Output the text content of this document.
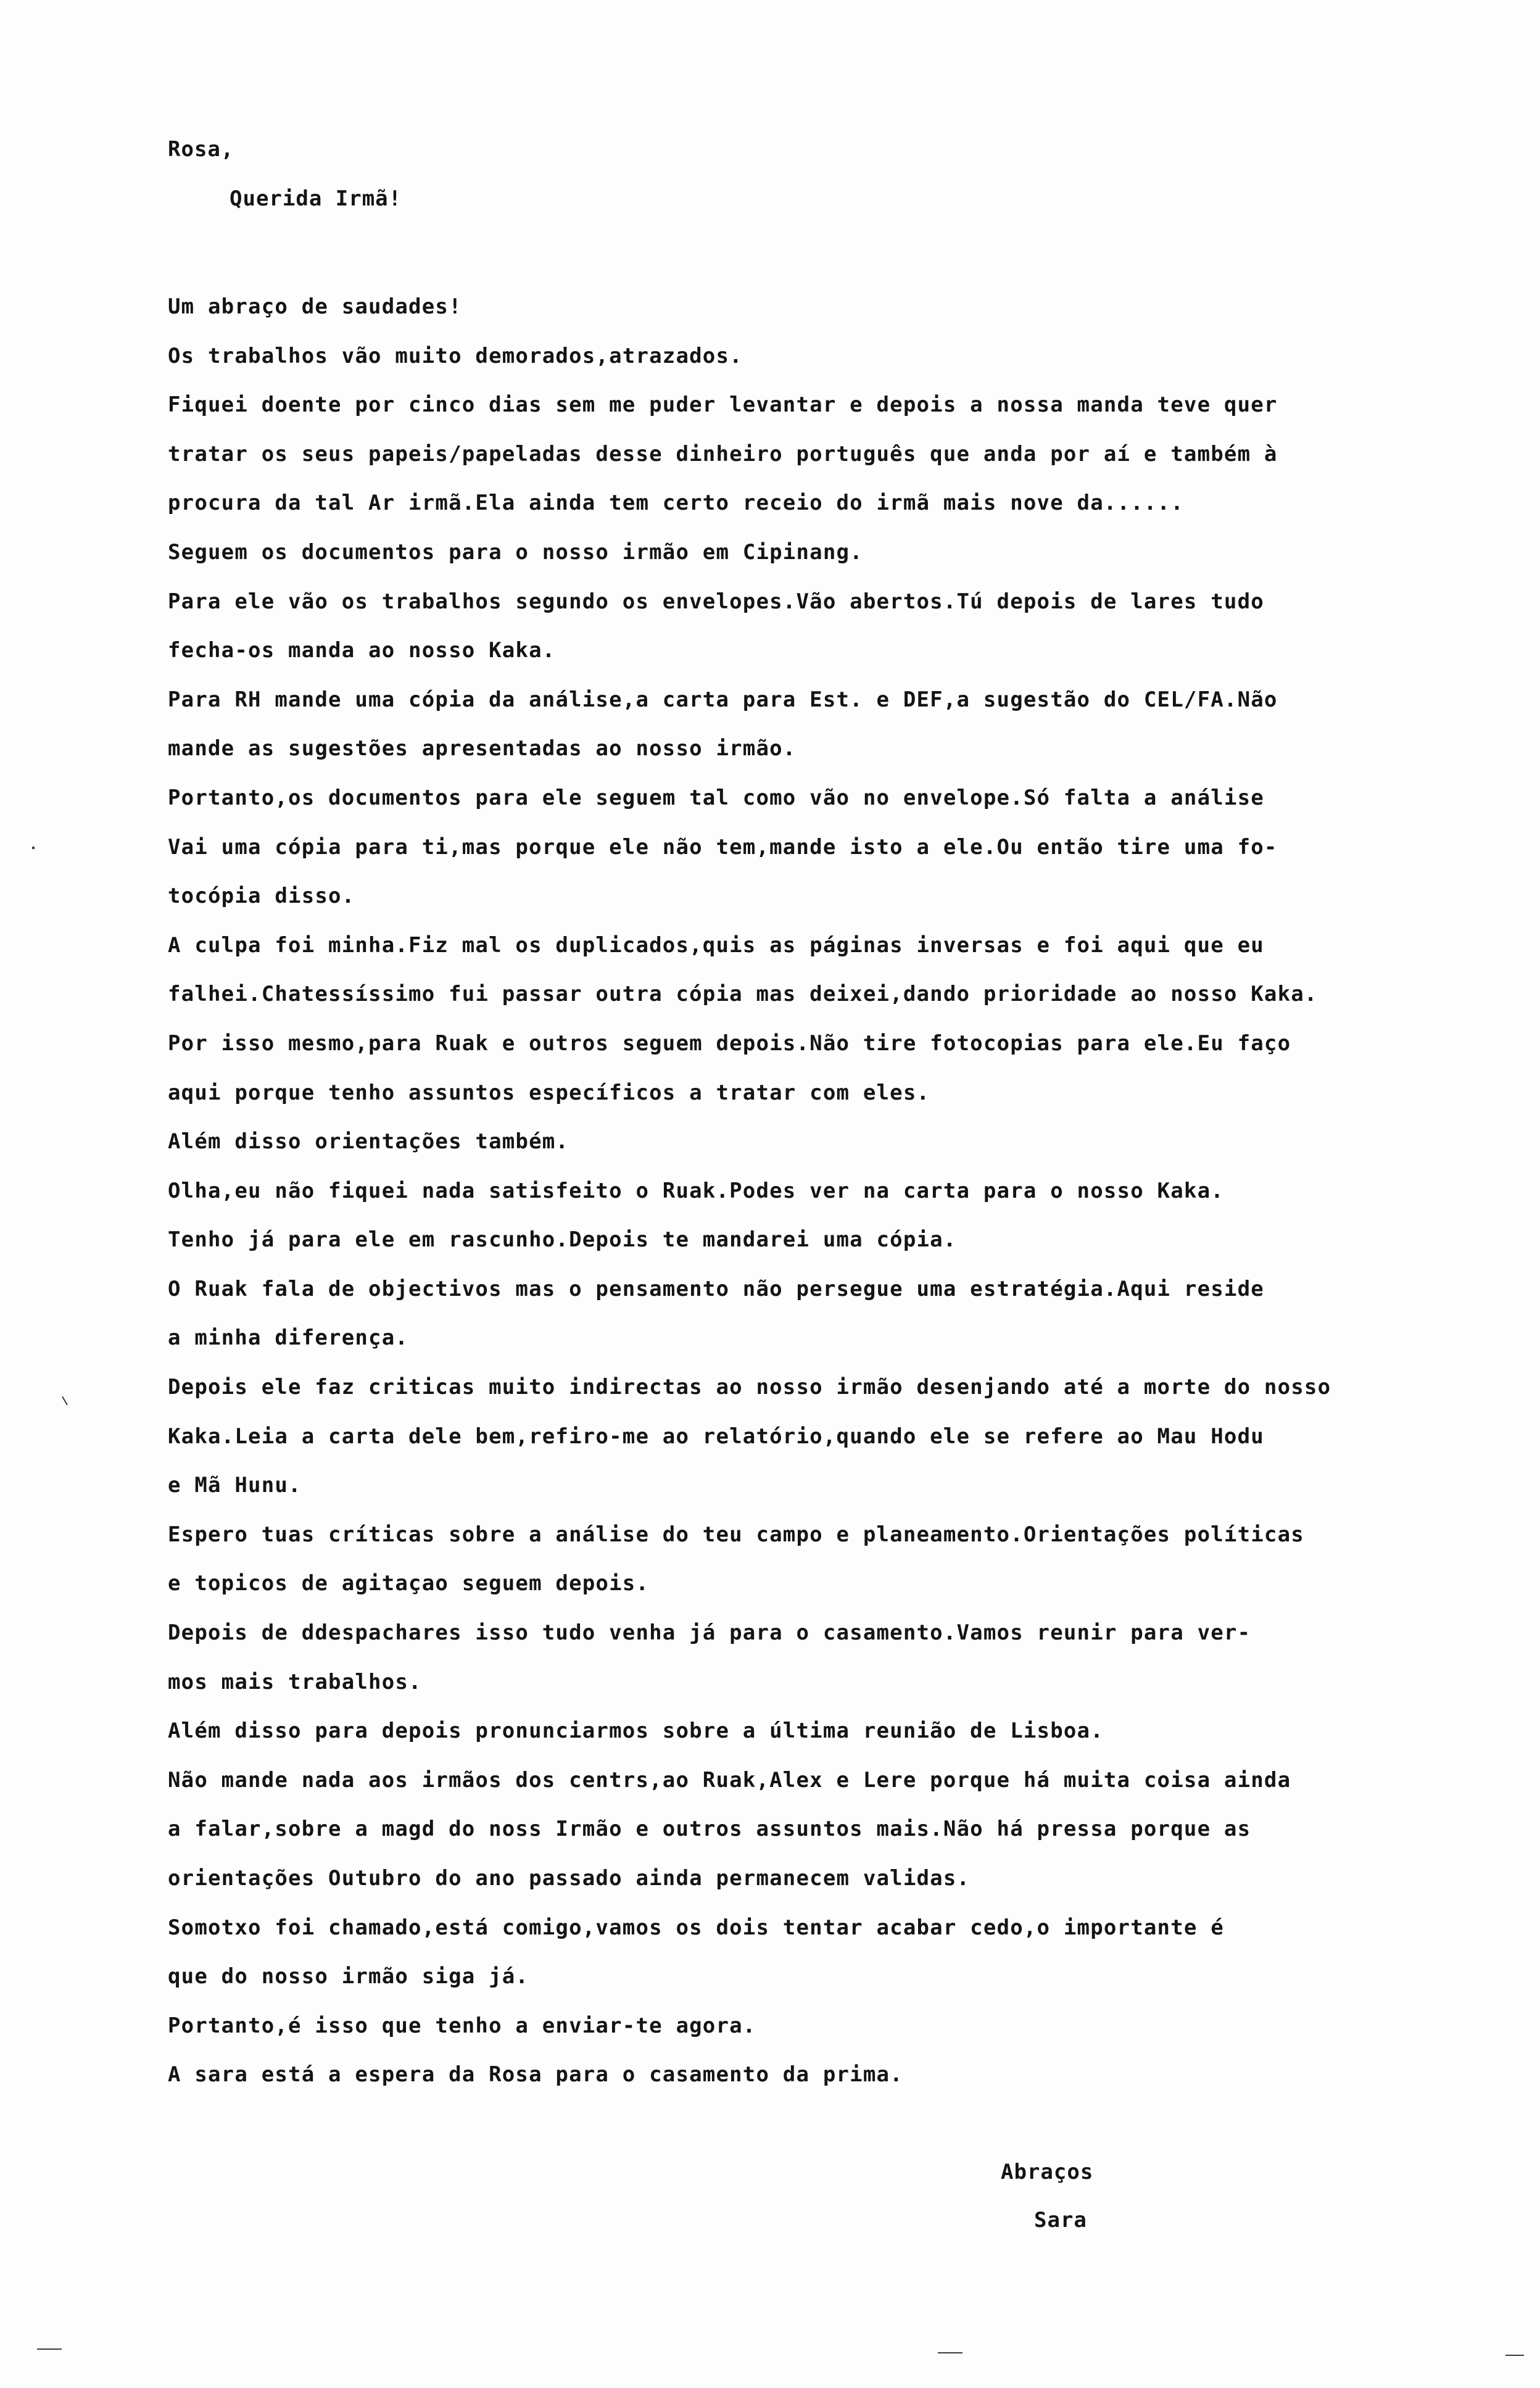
Rosa,
Querida Irmã!
Um abraço de saudades!
Os trabalhos vão muito demorados,atrazados.
Fiquei doente por cinco dias sem me puder levantar e depois a nossa manda teve quer
tratar os seus papeis/papeladas desse dinheiro português que anda por aí e também à
procura da tal Ar irmã.Ela ainda tem certo receio do irmã mais nove da......
Seguem os documentos para o nosso irmão em Cipinang.
Para ele vão os trabalhos segundo os envelopes.Vão abertos.Tú depois de lares tudo
fecha-os manda ao nosso Kaka.
Para RH mande uma cópia da análise,a carta para Est. e DEF,a sugestão do CEL/FA.Não
mande as sugestões apresentadas ao nosso irmão.
Portanto,os documentos para ele seguem tal como vão no envelope.Só falta a análise
Vai uma cópia para ti,mas porque ele não tem,mande isto a ele.Ou então tire uma fo-
tocópia disso.
A culpa foi minha.Fiz mal os duplicados,quis as páginas inversas e foi aqui que eu
falhei.Chatessíssimo fui passar outra cópia mas deixei,dando prioridade ao nosso Kaka.
Por isso mesmo,para Ruak e outros seguem depois.Não tire fotocopias para ele.Eu faço
aqui porque tenho assuntos específicos a tratar com eles.
Além disso orientações também.
Olha,eu não fiquei nada satisfeito o Ruak.Podes ver na carta para o nosso Kaka.
Tenho já para ele em rascunho.Depois te mandarei uma cópia.
O Ruak fala de objectivos mas o pensamento não persegue uma estratégia.Aqui reside
a minha diferença.
Depois ele faz criticas muito indirectas ao nosso irmão desenjando até a morte do nosso
Kaka.Leia a carta dele bem,refiro-me ao relatório,quando ele se refere ao Mau Hodu
e Mã Hunu.
Espero tuas críticas sobre a análise do teu campo e planeamento.Orientações políticas
e topicos de agitaçao seguem depois.
Depois de ddespachares isso tudo venha já para o casamento.Vamos reunir para ver-
mos mais trabalhos.
Além disso para depois pronunciarmos sobre a última reunião de Lisboa.
Não mande nada aos irmãos dos centrs,ao Ruak,Alex e Lere porque há muita coisa ainda
a falar,sobre a magd do noss Irmão e outros assuntos mais.Não há pressa porque as
orientações Outubro do ano passado ainda permanecem validas.
Somotxo foi chamado,está comigo,vamos os dois tentar acabar cedo,o importante é
que do nosso irmão siga já.
Portanto,é isso que tenho a enviar-te agora.
A sara está a espera da Rosa para o casamento da prima.
Abraços
Sara
